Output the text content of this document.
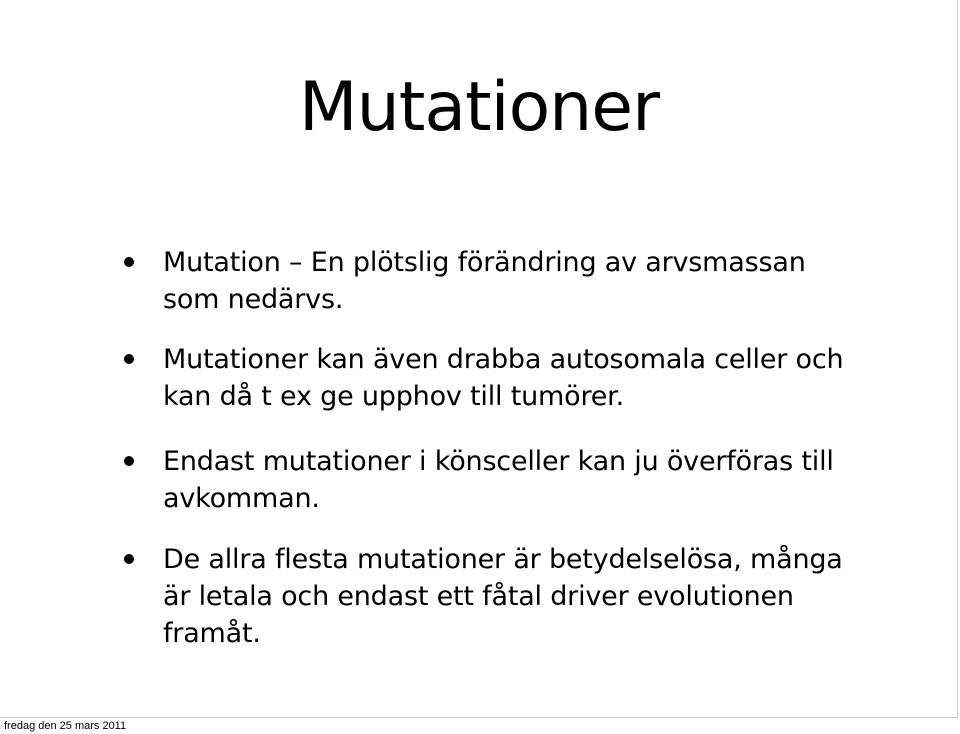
Mutationer
Mutation – En plötslig förändring av arvsmassan som nedärvs.
Mutationer kan även drabba autosomala celler och kan då t ex ge upphov till tumörer.
Endast mutationer i könsceller kan ju överföras till avkomman.
De allra flesta mutationer är betydelselösa, många är letala och endast ett fåtal driver evolutionen framåt.
fredag den 25 mars 2011
